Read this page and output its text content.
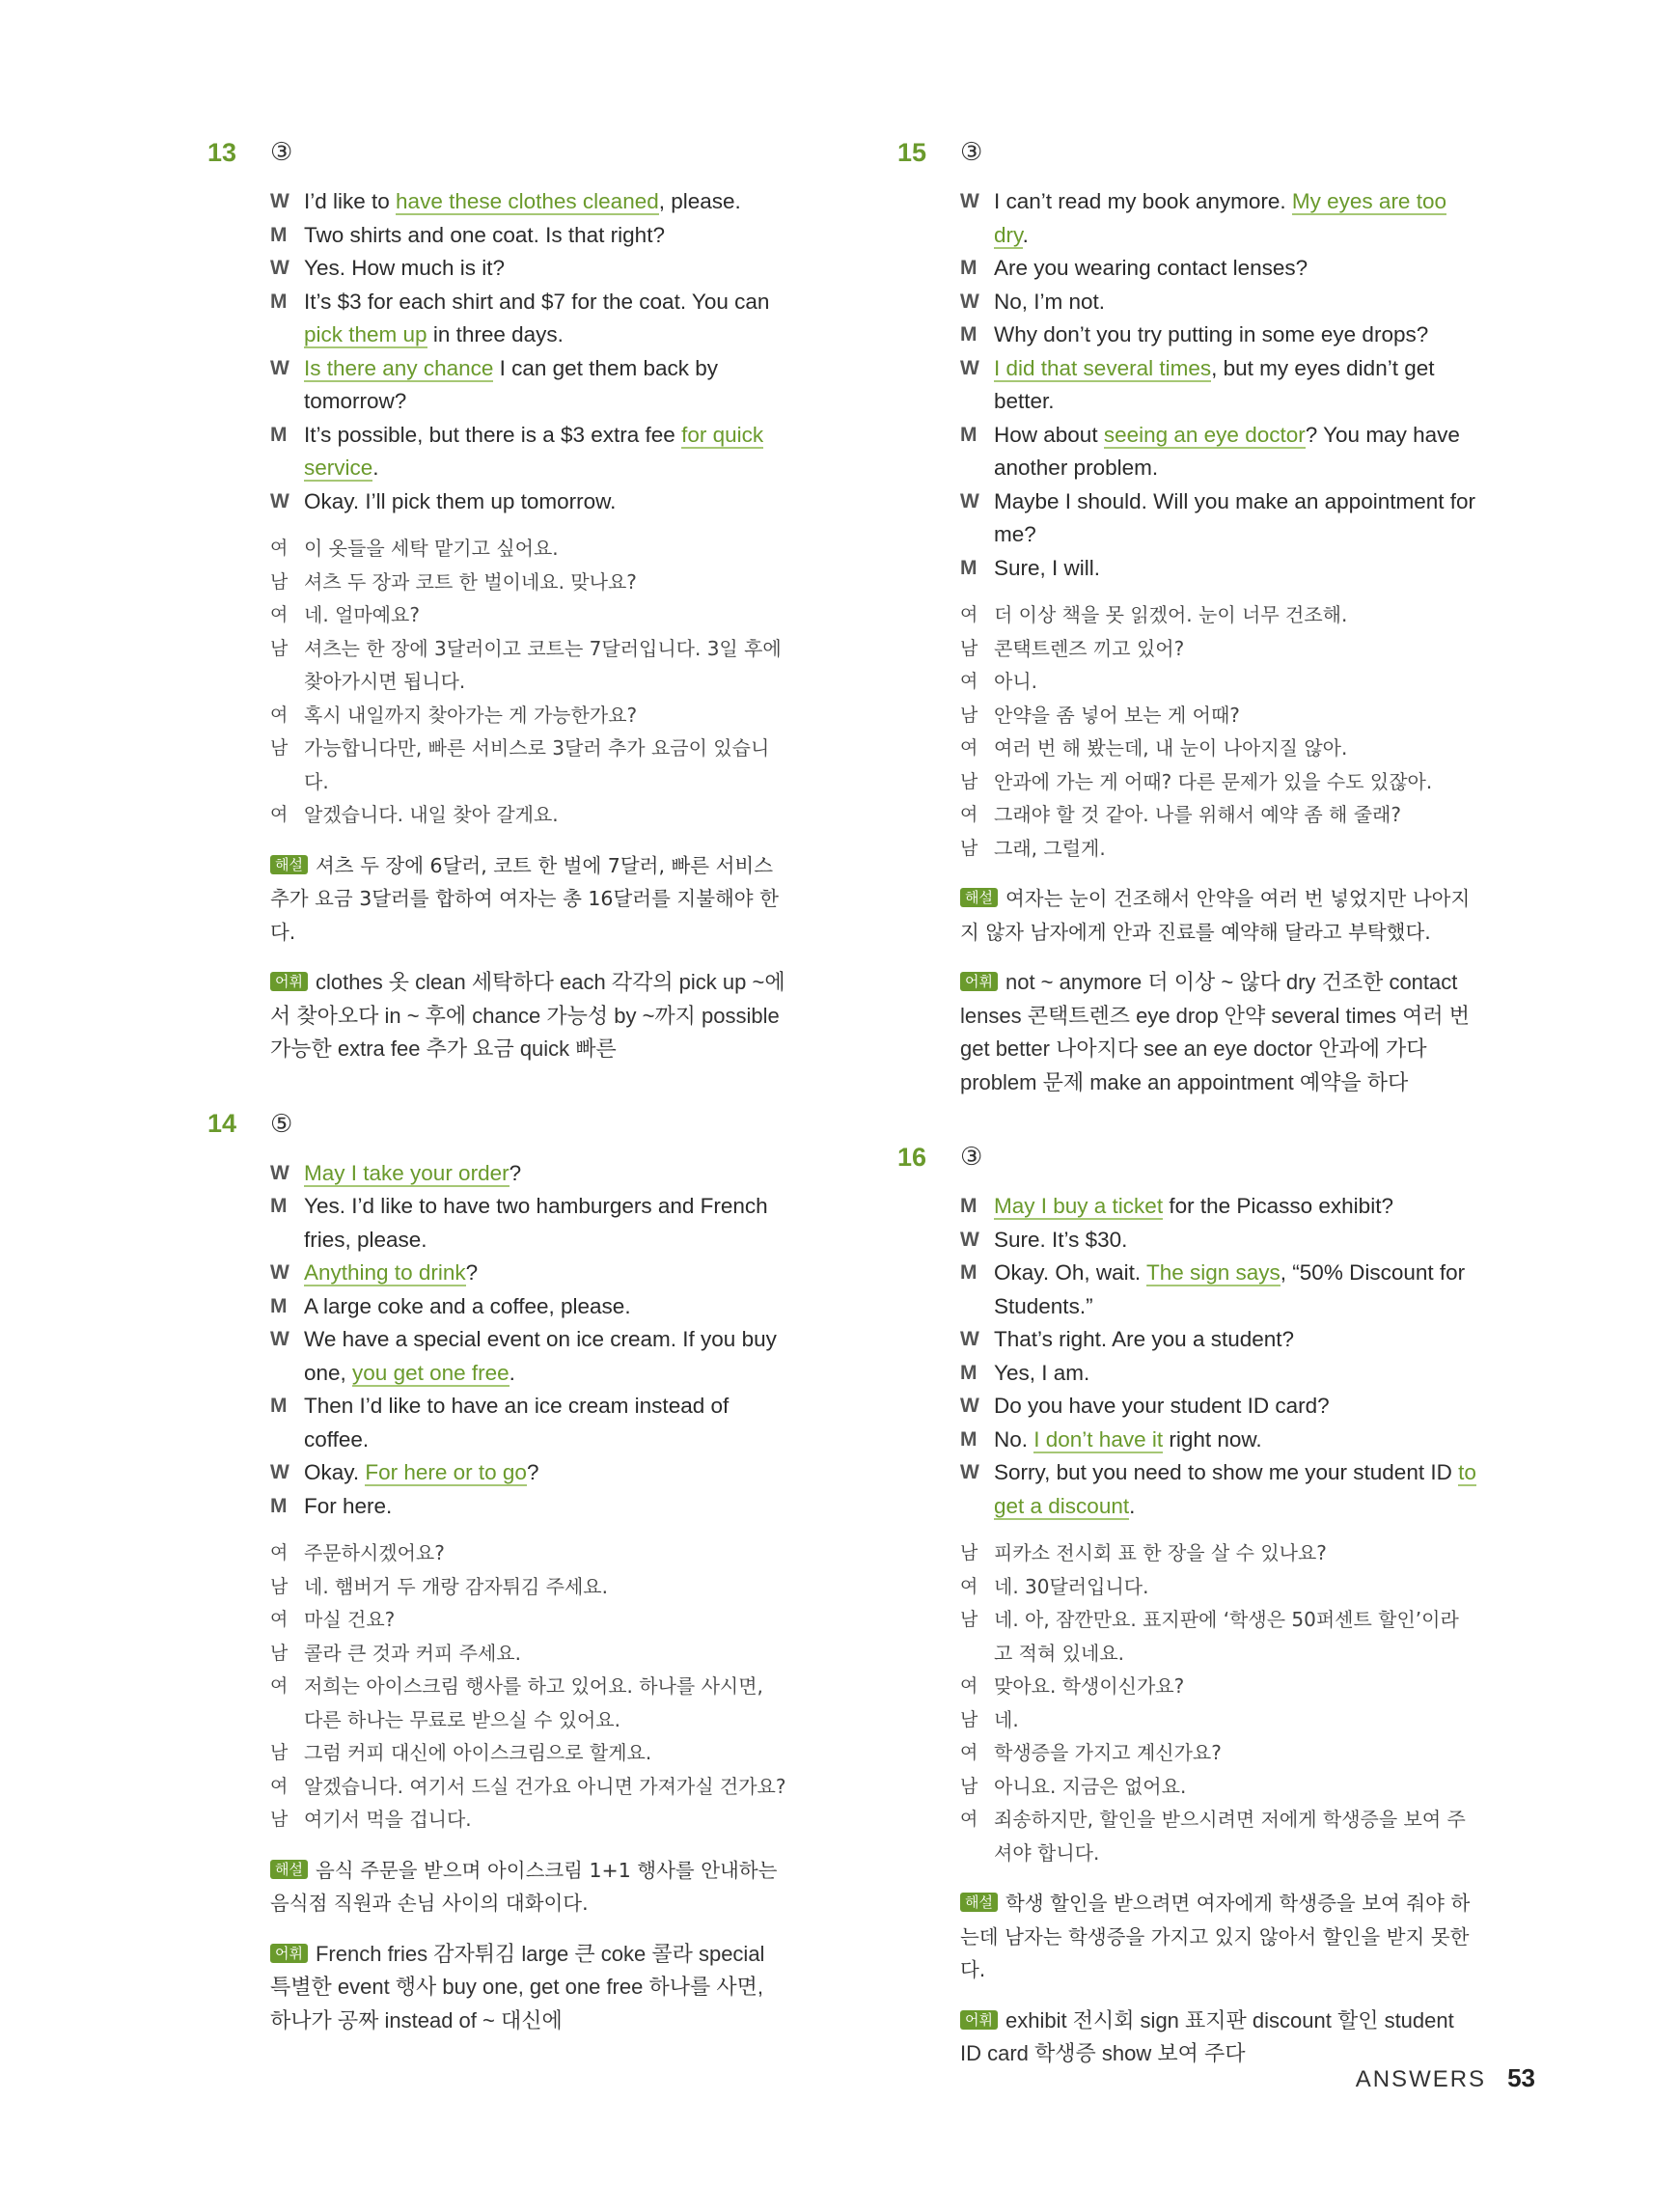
13	③
W I’d like to have these clothes cleaned, please.
M Two shirts and one coat. Is that right?
W Yes. How much is it?
M It’s $3 for each shirt and $7 for the coat. You can pick them up in three days.
W Is there any chance I can get them back by tomorrow?
M It’s possible, but there is a $3 extra fee for quick service.
W Okay. I’ll pick them up tomorrow.
여 이 옷들을 세탁 맡기고 싶어요.
남 셔츠 두 장과 코트 한 벌이네요. 맞나요?
여 네. 얼마예요?
남 셔츠는 한 장에 3달러이고 코트는 7달러입니다. 3일 후에 찾아가시면 됩니다.
여 혹시 내일까지 찾아가는 게 가능한가요?
남 가능합니다만, 빠른 서비스로 3달러 추가 요금이 있습니다.
여 알겠습니다. 내일 찾아 갈게요.
해설 셔츠 두 장에 6달러, 코트 한 벌에 7달러, 빠른 서비스 추가 요금 3달러를 합하여 여자는 총 16달러를 지불해야 한다.
어휘 clothes 옷 clean 세탁하다 each 각각의 pick up ~에서 찾아오다 in ~ 후에 chance 가능성 by ~까지 possible 가능한 extra fee 추가 요금 quick 빠른
14	⑤
W May I take your order?
M Yes. I’d like to have two hamburgers and French fries, please.
W Anything to drink?
M A large coke and a coffee, please.
W We have a special event on ice cream. If you buy one, you get one free.
M Then I’d like to have an ice cream instead of coffee.
W Okay. For here or to go?
M For here.
여 주문하시겠어요?
남 네. 햄버거 두 개랑 감자튀김 주세요.
여 마실 건요?
남 콜라 큰 것과 커피 주세요.
여 저희는 아이스크림 행사를 하고 있어요. 하나를 사시면, 다른 하나는 무료로 받으실 수 있어요.
남 그럼 커피 대신에 아이스크림으로 할게요.
여 알겠습니다. 여기서 드실 건가요 아니면 가져가실 건가요?
남 여기서 먹을 겁니다.
해설 음식 주문을 받으며 아이스크림 1+1 행사를 안내하는 음식점 직원과 손님 사이의 대화이다.
어휘 French fries 감자튀김 large 큰 coke 콜라 special 특별한 event 행사 buy one, get one free 하나를 사면, 하나가 공짜 instead of ~ 대신에
15	③
W I can’t read my book anymore. My eyes are too dry.
M Are you wearing contact lenses?
W No, I’m not.
M Why don’t you try putting in some eye drops?
W I did that several times, but my eyes didn’t get better.
M How about seeing an eye doctor? You may have another problem.
W Maybe I should. Will you make an appointment for me?
M Sure, I will.
여 더 이상 책을 못 읽겠어. 눈이 너무 건조해.
남 콘택트렌즈 끼고 있어?
여 아니.
남 안약을 좀 넣어 보는 게 어때?
여 여러 번 해 봤는데, 내 눈이 나아지질 않아.
남 안과에 가는 게 어때? 다른 문제가 있을 수도 있잖아.
여 그래야 할 것 같아. 나를 위해서 예약 좀 해 줄래?
남 그래, 그럴게.
해설 여자는 눈이 건조해서 안약을 여러 번 넣었지만 나아지지 않자 남자에게 안과 진료를 예약해 달라고 부탁했다.
어휘 not ~ anymore 더 이상 ~ 않다 dry 건조한 contact lenses 콘택트렌즈 eye drop 안약 several times 여러 번 get better 나아지다 see an eye doctor 안과에 가다 problem 문제 make an appointment 예약을 하다
16	③
M May I buy a ticket for the Picasso exhibit?
W Sure. It’s $30.
M Okay. Oh, wait. The sign says, “50% Discount for Students.”
W That’s right. Are you a student?
M Yes, I am.
W Do you have your student ID card?
M No. I don’t have it right now.
W Sorry, but you need to show me your student ID to get a discount.
남 피카소 전시회 표 한 장을 살 수 있나요?
여 네. 30달러입니다.
남 네. 아, 잠깐만요. 표지판에 ‘학생은 50퍼센트 할인’이라고 적혀 있네요.
여 맞아요. 학생이신가요?
남 네.
여 학생증을 가지고 계신가요?
남 아니요. 지금은 없어요.
여 죄송하지만, 할인을 받으시려면 저에게 학생증을 보여 주셔야 합니다.
해설 학생 할인을 받으려면 여자에게 학생증을 보여 줘야 하는데 남자는 학생증을 가지고 있지 않아서 할인을 받지 못한다.
어휘 exhibit 전시회 sign 표지판 discount 할인 student ID card 학생증 show 보여 주다
ANSWERS 53
